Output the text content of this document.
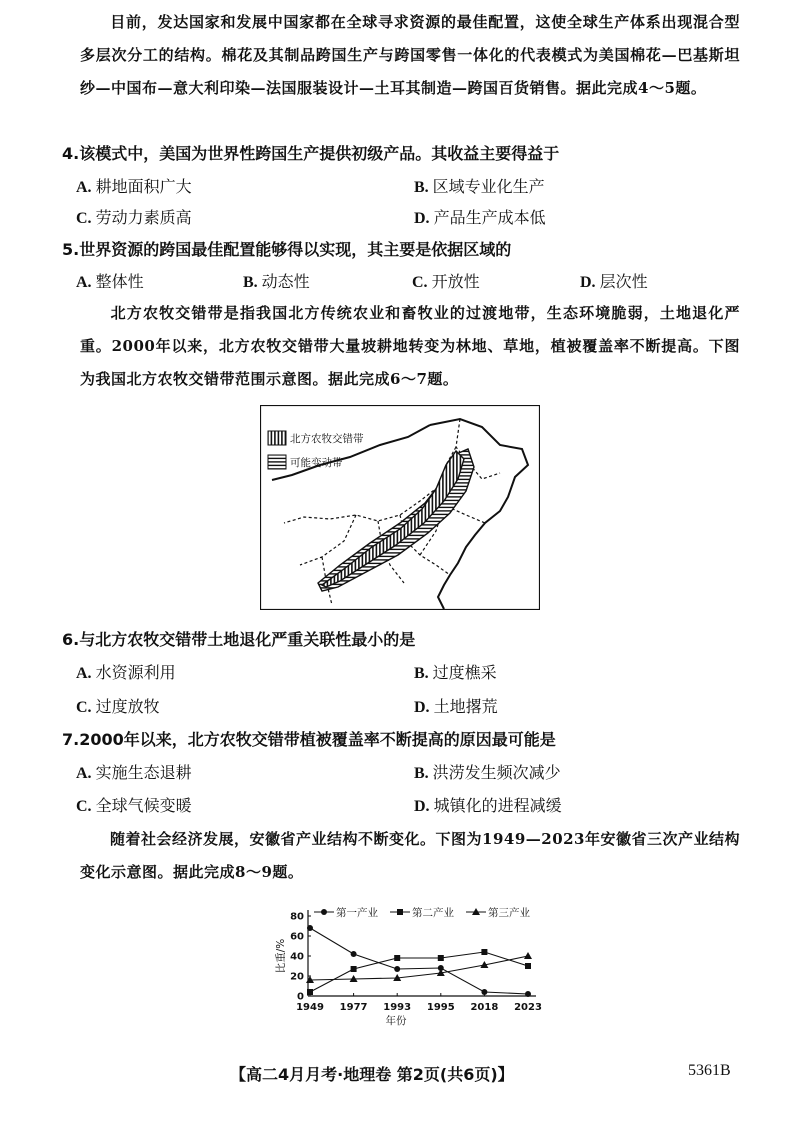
目前，发达国家和发展中国家都在全球寻求资源的最佳配置，这使全球生产体系出现混合型多层次分工的结构。棉花及其制品跨国生产与跨国零售一体化的代表模式为美国棉花—巴基斯坦纱—中国布—意大利印染—法国服装设计—土耳其制造—跨国百货销售。据此完成4～5题。
4.该模式中，美国为世界性跨国生产提供初级产品。其收益主要得益于
A. 耕地面积广大	B. 区域专业化生产
C. 劳动力素质高	D. 产品生产成本低
5.世界资源的跨国最佳配置能够得以实现，其主要是依据区域的
A. 整体性	B. 动态性	C. 开放性	D. 层次性
北方农牧交错带是指我国北方传统农业和畜牧业的过渡地带，生态环境脆弱，土地退化严重。2000年以来，北方农牧交错带大量坡耕地转变为林地、草地，植被覆盖率不断提高。下图为我国北方农牧交错带范围示意图。据此完成6～7题。
北方农牧交错带
可能变动带
6.与北方农牧交错带土地退化严重关联性最小的是
A. 水资源利用	B. 过度樵采
C. 过度放牧	D. 土地撂荒
7.2000年以来，北方农牧交错带植被覆盖率不断提高的原因最可能是
A. 实施生态退耕	B. 洪涝发生频次减少
C. 全球气候变暖	D. 城镇化的进程减缓
随着社会经济发展，安徽省产业结构不断变化。下图为1949—2023年安徽省三次产业结构变化示意图。据此完成8～9题。
0
20
40
60
80
比重/%
1949 1977 1993 1995 2018 2023
年份
第一产业	第二产业	第三产业
【高二4月月考·地理卷 第2页(共6页)】	5361B
